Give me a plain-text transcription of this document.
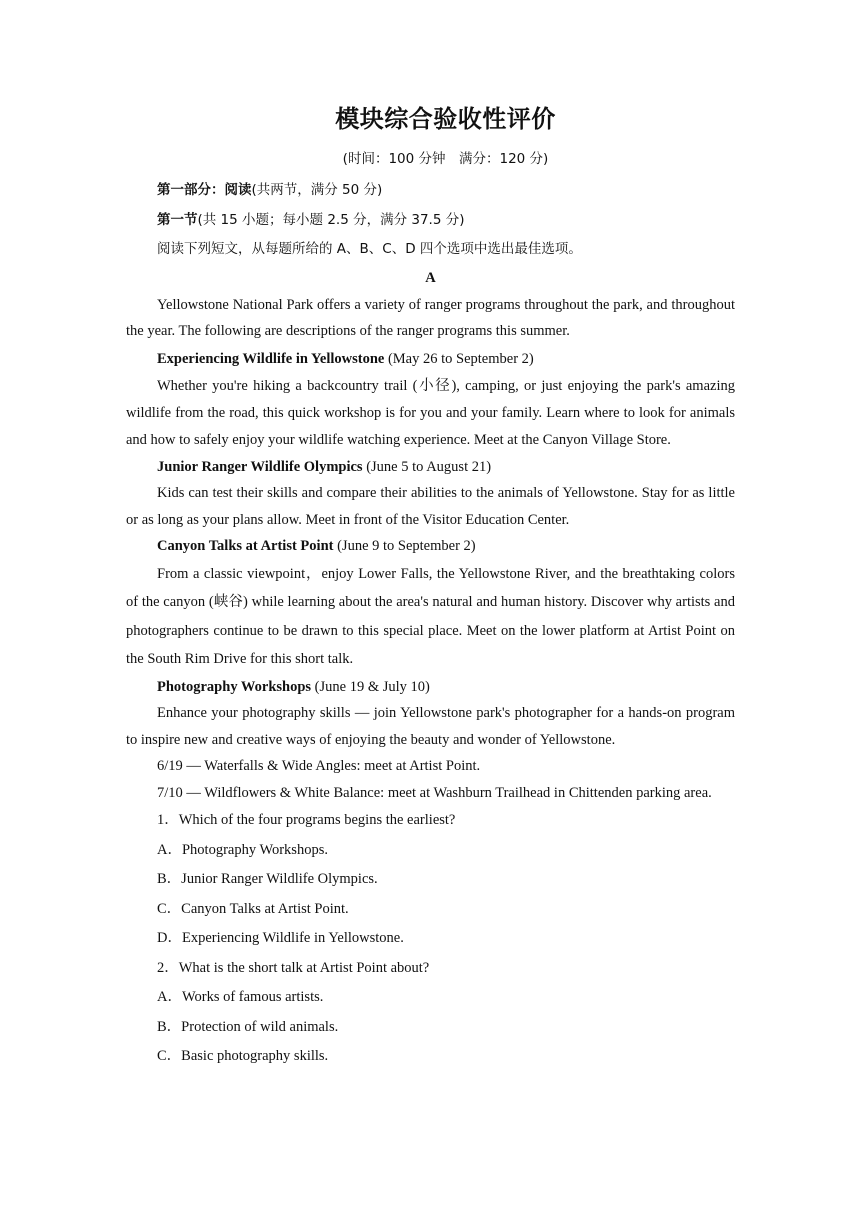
模块综合验收性评价
(时间：100 分钟　满分：120 分)

第一部分：阅读(共两节，满分 50 分)

第一节(共 15 小题；每小题 2.5 分，满分 37.5 分)

阅读下列短文，从每题所给的 A、B、C、D 四个选项中选出最佳选项。

A

Yellowstone National Park offers a variety of ranger programs throughout the park, and throughout the year. The following are descriptions of the ranger programs this summer.

Experiencing Wildlife in Yellowstone (May 26 to September 2)

Whether you're hiking a backcountry trail (小径), camping, or just enjoying the park's amazing wildlife from the road, this quick workshop is for you and your family. Learn where to look for animals and how to safely enjoy your wildlife watching experience. Meet at the Canyon Village Store.

Junior Ranger Wildlife Olympics (June 5 to August 21)

Kids can test their skills and compare their abilities to the animals of Yellowstone. Stay for as little or as long as your plans allow. Meet in front of the Visitor Education Center.

Canyon Talks at Artist Point (June 9 to September 2)

From a classic viewpoint，enjoy Lower Falls, the Yellowstone River, and the breathtaking colors of the canyon (峡谷) while learning about the area's natural and human history. Discover why artists and photographers continue to be drawn to this special place. Meet on the lower platform at Artist Point on the South Rim Drive for this short talk.

Photography Workshops (June 19 & July 10)

Enhance your photography skills — join Yellowstone park's photographer for a hands-on program to inspire new and creative ways of enjoying the beauty and wonder of Yellowstone.

6/19 — Waterfalls & Wide Angles: meet at Artist Point.

7/10 — Wildflowers & White Balance: meet at Washburn Trailhead in Chittenden parking area.

1．Which of the four programs begins the earliest?

A．Photography Workshops.

B．Junior Ranger Wildlife Olympics.

C．Canyon Talks at Artist Point.

D．Experiencing Wildlife in Yellowstone.

2．What is the short talk at Artist Point about?

A．Works of famous artists.

B．Protection of wild animals.

C．Basic photography skills.
